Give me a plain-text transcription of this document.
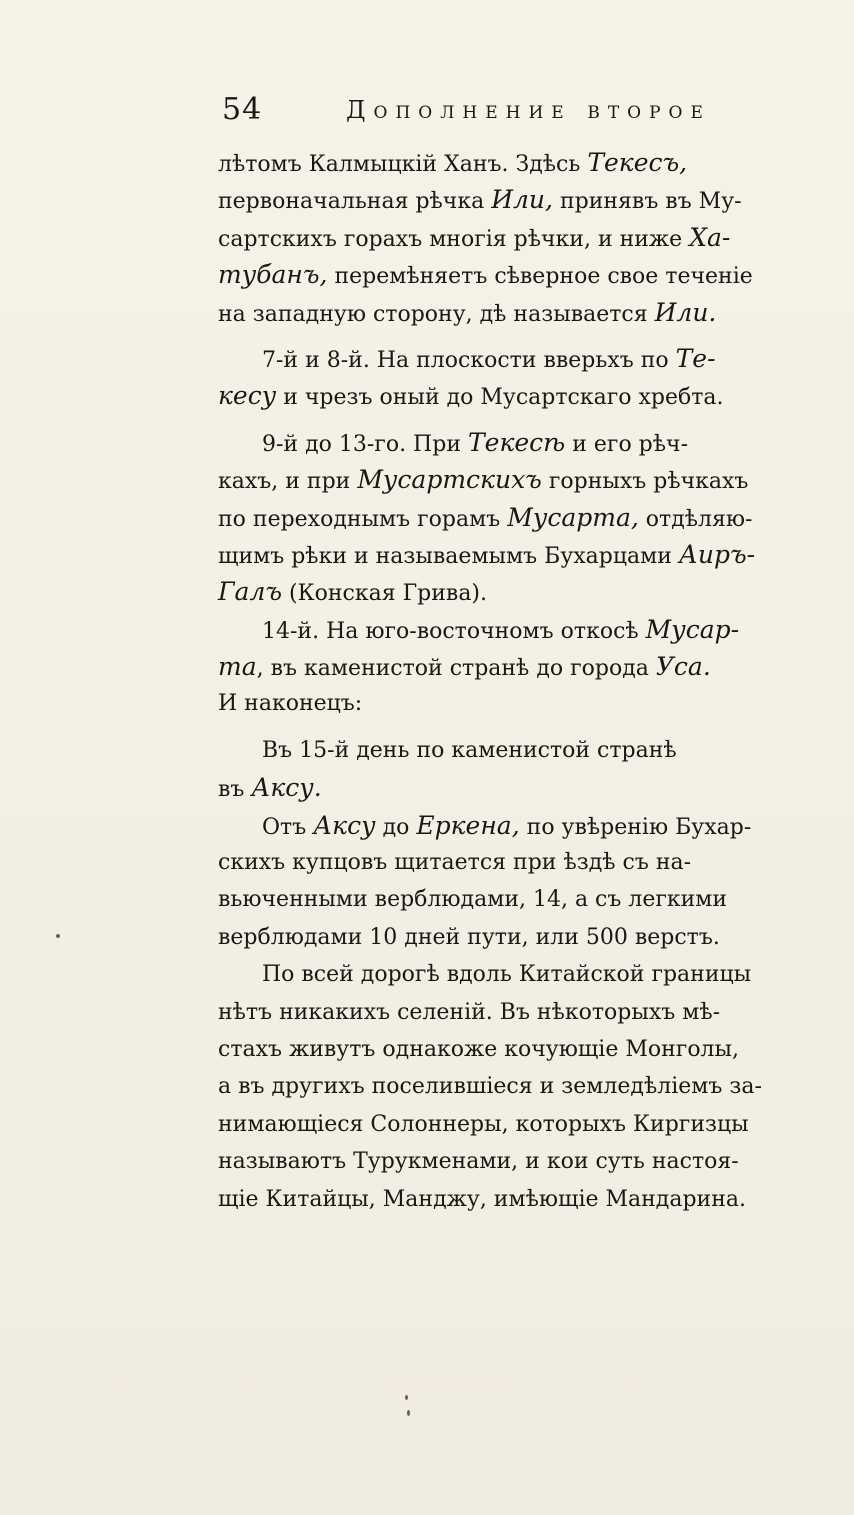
54	Дополнение второе
лѣтомъ Калмыцкій Ханъ. Здѣсь Текесъ,
первоначальная рѣчка Или, принявъ въ Му-
сартскихъ горахъ многія рѣчки, и ниже Ха-
тубанъ, перемѣняетъ сѣверное свое теченіе
на западную сторону, дѣ называется Или.
7-й и 8-й. На плоскости вверьхъ по Те-
кесу и чрезъ оный до Мусартскаго хребта.
9-й до 13-го. При Текесѣ и его рѣч-
кахъ, и при Мусартскихъ горныхъ рѣчкахъ
по переходнымъ горамъ Мусарта, отдѣляю-
щимъ рѣки и называемымъ Бухарцами Аиръ-
Галъ (Конская Грива).
14-й. На юго-восточномъ откосѣ Мусар-
та, въ каменистой странѣ до города Уса.
И наконецъ:
Въ 15-й день по каменистой странѣ
въ Аксу.
Отъ Аксу до Еркена, по увѣренію Бухар-
скихъ купцовъ щитается при ѣздѣ съ на-
вьюченными верблюдами, 14, а съ легкими
верблюдами 10 дней пути, или 500 верстъ.
По всей дорогѣ вдоль Китайской границы
нѣтъ никакихъ селеній. Въ нѣкоторыхъ мѣ-
стахъ живутъ однакоже кочующіе Монголы,
а въ другихъ поселившіеся и земледѣліемъ за-
нимающіеся Солоннеры, которыхъ Киргизцы
называютъ Турукменами, и кои суть настоя-
щіе Китайцы, Манджу, имѣющіе Мандарина.
